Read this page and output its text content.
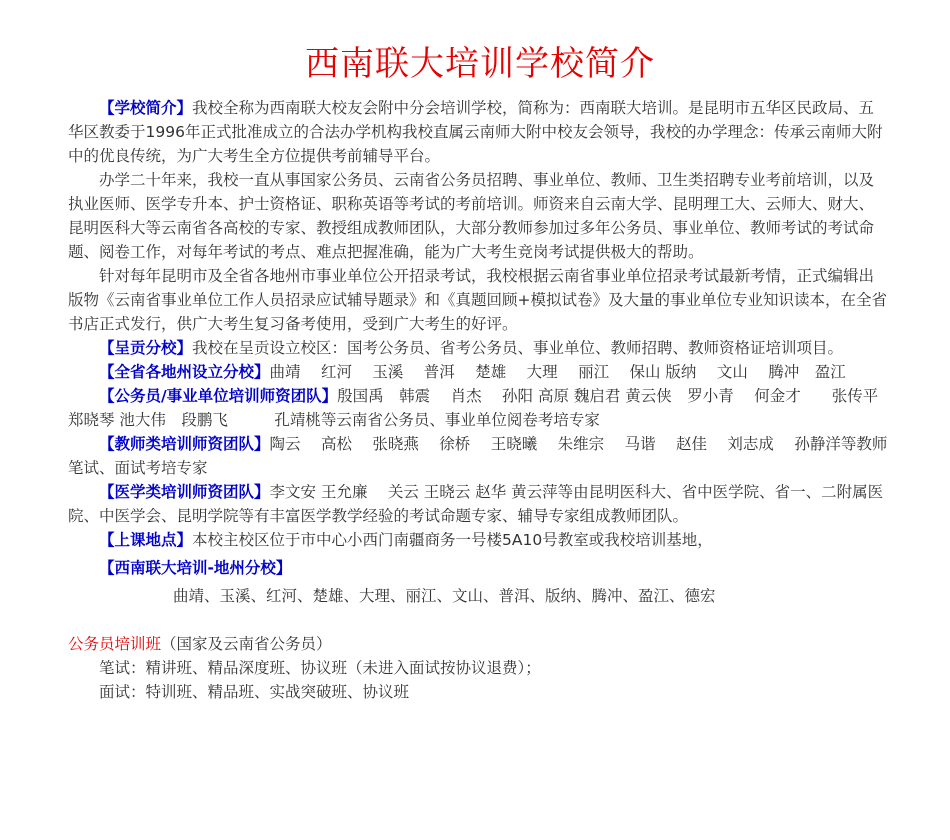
西南联大培训学校简介

【学校简介】我校全称为西南联大校友会附中分会培训学校，简称为：西南联大培训。是昆明市五华区民政局、五华区教委于1996年正式批准成立的合法办学机构我校直属云南师大附中校友会领导，我校的办学理念：传承云南师大附中的优良传统，为广大考生全方位提供考前辅导平台。

办学二十年来，我校一直从事国家公务员、云南省公务员招聘、事业单位、教师、卫生类招聘专业考前培训，以及执业医师、医学专升本、护士资格证、职称英语等考试的考前培训。师资来自云南大学、昆明理工大、云师大、财大、昆明医科大等云南省各高校的专家、教授组成教师团队，大部分教师参加过多年公务员、事业单位、教师考试的考试命题、阅卷工作，对每年考试的考点、难点把握准确，能为广大考生竞岗考试提供极大的帮助。

针对每年昆明市及全省各地州市事业单位公开招录考试，我校根据云南省事业单位招录考试最新考情，正式编辑出版物《云南省事业单位工作人员招录应试辅导题录》和《真题回顾+模拟试卷》及大量的事业单位专业知识读本，在全省书店正式发行，供广大考生复习备考使用，受到广大考生的好评。

【呈贡分校】我校在呈贡设立校区：国考公务员、省考公务员、事业单位、教师招聘、教师资格证培训项目。

【全省各地州设立分校】曲靖　 红河　 玉溪　 普洱　 楚雄　 大理　 丽江　 保山 版纳　 文山　 腾冲　盈江

【公务员/事业单位培训师资团队】殷国禹　韩震　 肖杰　 孙阳 高原 魏启君 黄云侠　罗小青　 何金才　　张传平　　郑晓琴 池大伟　段鹏飞　　　孔靖桃等云南省公务员、事业单位阅卷考培专家

【教师类培训师资团队】陶云　 高松　 张晓燕　 徐桥　 王晓曦　 朱维宗　 马谐　 赵佳　 刘志成　 孙静洋等教师笔试、面试考培专家

【医学类培训师资团队】李文安 王允廉　 关云 王晓云 赵华 黄云萍等由昆明医科大、省中医学院、省一、二附属医院、中医学会、昆明学院等有丰富医学教学经验的考试命题专家、辅导专家组成教师团队。

【上课地点】本校主校区位于市中心小西门南疆商务一号楼5A10号教室或我校培训基地，

【西南联大培训-地州分校】

曲靖、玉溪、红河、楚雄、大理、丽江、文山、普洱、版纳、腾冲、盈江、德宏

公务员培训班（国家及云南省公务员）

笔试：精讲班、精品深度班、协议班（未进入面试按协议退费）；

面试：特训班、精品班、实战突破班、协议班
